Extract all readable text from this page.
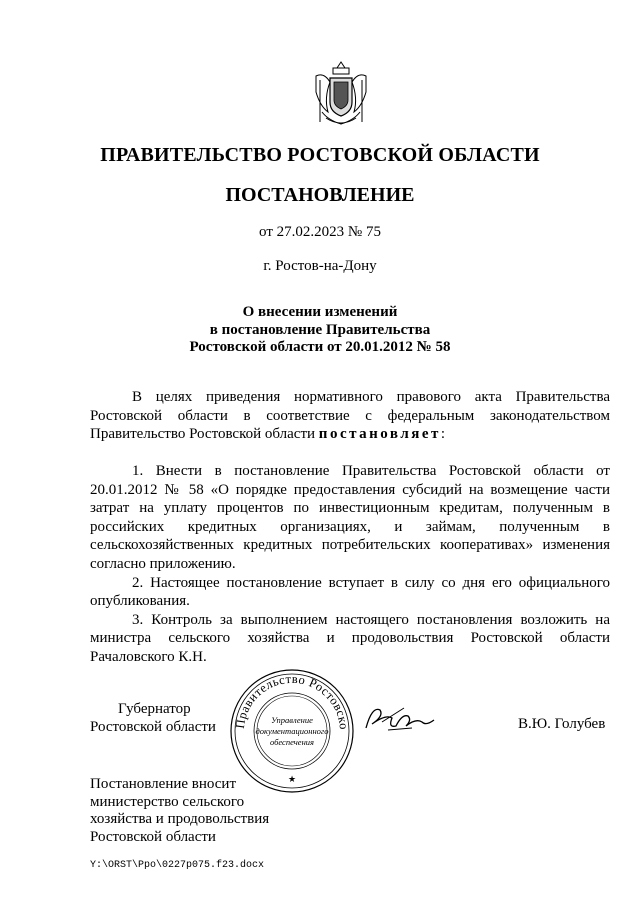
ПРАВИТЕЛЬСТВО РОСТОВСКОЙ ОБЛАСТИ
ПОСТАНОВЛЕНИЕ
от 27.02.2023 № 75
г. Ростов-на-Дону
О внесении изменений
в постановление Правительства
Ростовской области от 20.01.2012 № 58

В целях приведения нормативного правового акта Правительства Ростовской области в соответствие с федеральным законодательством Правительство Ростовской области постановляет:

1. Внести в постановление Правительства Ростовской области от 20.01.2012 № 58 «О порядке предоставления субсидий на возмещение части затрат на уплату процентов по инвестиционным кредитам, полученным в российских кредитных организациях, и займам, полученным в сельскохозяйственных кредитных потребительских кооперативах» изменения согласно приложению.

2. Настоящее постановление вступает в силу со дня его официального опубликования.

3. Контроль за выполнением настоящего постановления возложить на министра сельского хозяйства и продовольствия Ростовской области Рачаловского К.Н.

Губернатор
Ростовской области	Правительство Ростовско
Управление
документационного
обеспечения
★
В.Ю. Голубев
Постановление вносит
министерство сельского
хозяйства и продовольствия
Ростовской области
Y:\ORST\Ppo\0227p075.f23.docx
